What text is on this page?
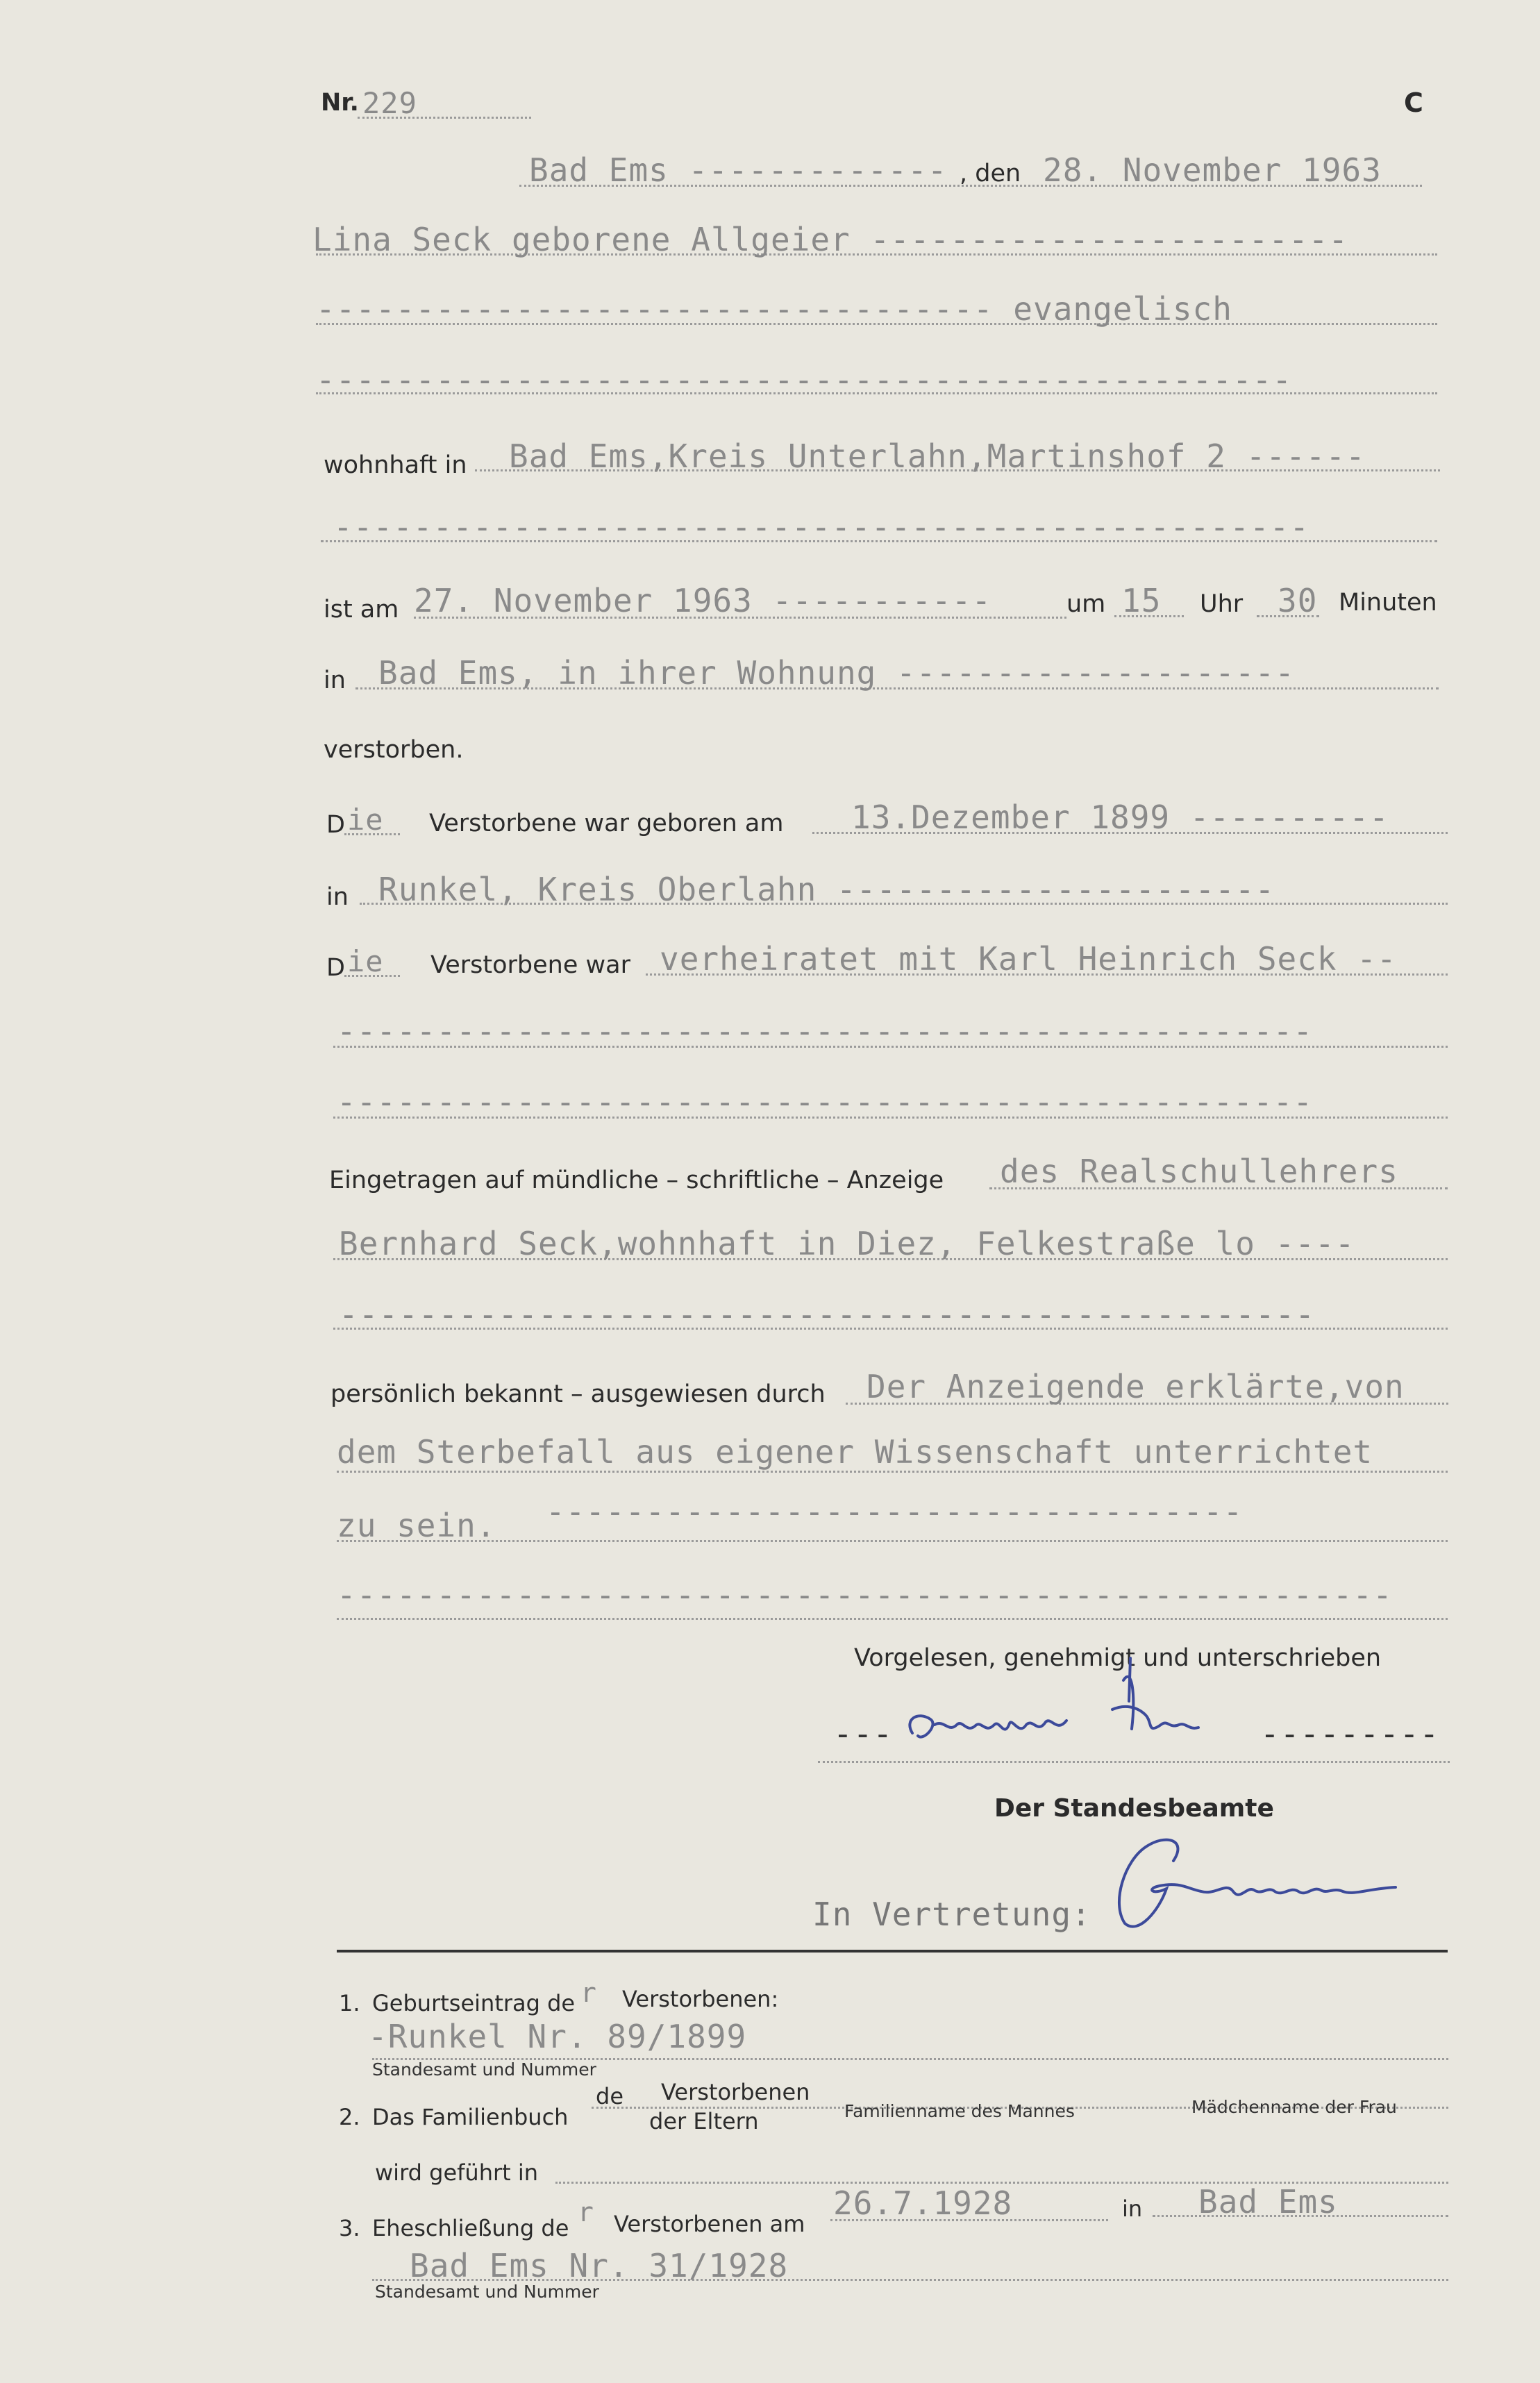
Nr. 229	C
Bad Ems ------------- , den 28. November 1963
Lina Seck geborene Allgeier ------------------------
---------------------------------- evangelisch
-------------------------------------------------
wohnhaft in Bad Ems,Kreis Unterlahn,Martinshof 2 ------
-------------------------------------------------
ist am 27. November 1963 -----------	um 15 Uhr 30 Minuten
in Bad Ems, in ihrer Wohnung --------------------
verstorben.
D ie Verstorbene war geboren am 13.Dezember 1899 ----------
in Runkel, Kreis Oberlahn ----------------------
D ie Verstorbene war verheiratet mit Karl Heinrich Seck --
-------------------------------------------------
-------------------------------------------------
Eingetragen auf mündliche – schriftliche – Anzeige des Realschullehrers
Bernhard Seck,wohnhaft in Diez, Felkestraße lo ----
-------------------------------------------------
persönlich bekannt – ausgewiesen durch Der Anzeigende erklärte,von
dem Sterbefall aus eigener Wissenschaft unterrichtet
zu sein. -----------------------------------
-----------------------------------------------------
Vorgelesen, genehmigt und unterschrieben
---	---------
Der Standesbeamte
In Vertretung:
1. Geburtseintrag de r Verstorbenen:
-Runkel Nr. 89/1899
Standesamt und Nummer
2. Das Familienbuch
de Verstorbenen
der Eltern	Familienname des Mannes	Mädchenname der Frau
wird geführt in
3. Eheschließung de
r Verstorbenen am
26.7.1928	in Bad Ems
Bad Ems Nr. 31/1928
Standesamt und Nummer
